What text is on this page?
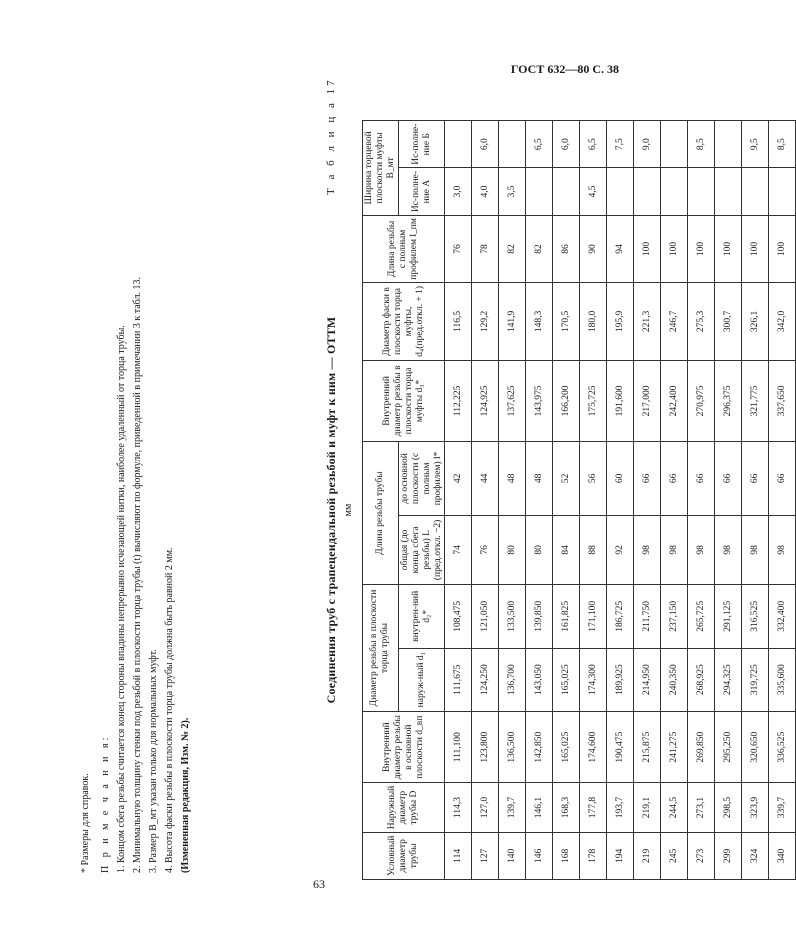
ГОСТ 632—80 С. 38
Т а б л и ц а 17
Соединения труб с трапецеидальной резьбой и муфт к ним — ОТТМ мм
Условный диаметр трубы	Наружный диаметр трубы D	Внутренний диаметр резьбы в основной плоскости d_вп	Диаметр резьбы в плоскости торца трубы		Длина резьбы трубы		Внутренний диаметр резьбы в плоскости торца муфты d₃*	Диаметр фаски в плоскости торца муфты, d₄(пред.откл. + 1)	Длина резьбы с полным профилем l_пм	Ширина торцевой плоскости муфты В_мт	
			наруж-ный d₁	внутрен-ний d₂*	общая (до конца сбега резьбы) L (пред.откл. −2)	до основной плоскости (с полным профилем) l*				Ис-полне-ние А	Ис-полне-ние Б
114	114,3	111,100	111,675	108,475	74	42	112,225	116,5	76	3,0	
127	127,0	123,800	124,250	121,050	76	44	124,925	129,2	78	4,0	6,0
140	139,7	136,500	136,700	133,500	80	48	137,625	141,9	82	3,5	
146	146,1	142,850	143,050	139,850	80	48	143,975	148,3	82		6,5
168	168,3	165,025	165,025	161,825	84	52	166,200	170,5	86		6,0
178	177,8	174,600	174,300	171,100	88	56	175,725	180,0	90	4,5	6,5
194	193,7	190,475	189,925	186,725	92	60	191,600	195,9	94		7,5
219	219,1	215,875	214,950	211,750	98	66	217,000	221,3	100		9,0
245	244,5	241,275	240,350	237,150	98	66	242,400	246,7	100		
273	273,1	269,850	268,925	265,725	98	66	270,975	275,3	100		8,5
299	298,5	295,250	294,325	291,125	98	66	296,375	300,7	100		
324	323,9	320,650	319,725	316,525	98	66	321,775	326,1	100		9,5
340	339,7	336,525	335,600	332,400	98	66	337,650	342,0	100		8,5
* Размеры для справок. П р и м е ч а н и я: 1. Концом сбега резьбы считается конец стороны впадины непрерывно исчезающей нитки, наиболее удаленный от торца трубы. 2. Минимальную толщину стенки под резьбой в плоскости торца трубы (t) вычисляют по формуле, приведенной в примечании 3 к табл. 13. 3. Размер В_мт указан только для нормальных муфт. 4. Высота фаски резьбы в плоскости торца трубы должна быть равной 2 мм. (Измененная редакция, Изм. № 2).
63
